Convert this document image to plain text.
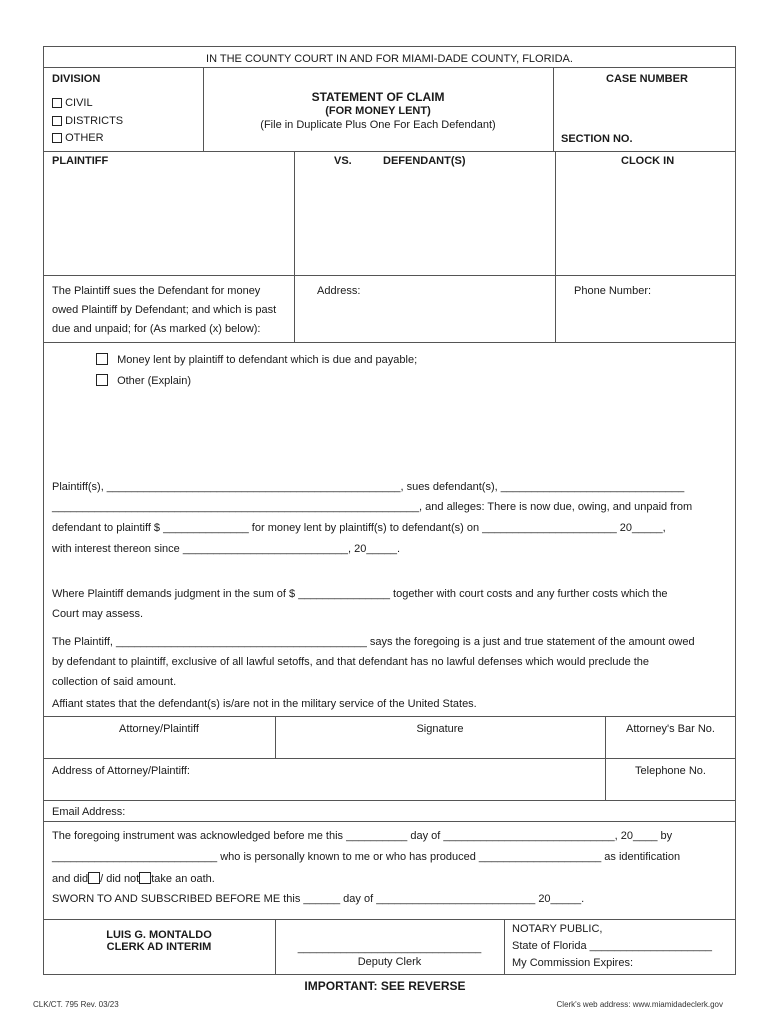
IN THE COUNTY COURT IN AND FOR MIAMI-DADE COUNTY, FLORIDA.
DIVISION
CIVIL
DISTRICTS
OTHER
STATEMENT OF CLAIM
(FOR MONEY LENT)
(File in Duplicate Plus One For Each Defendant)
CASE NUMBER
SECTION NO.
PLAINTIFF	VS.	DEFENDANT(S)	CLOCK IN
The Plaintiff sues the Defendant for money
owed Plaintiff by Defendant; and which is past
due and unpaid; for (As marked (x) below):
Address:	Phone Number:
Money lent by plaintiff to defendant which is due and payable;
Other (Explain)
Plaintiff(s), ________________________________________________, sues defendant(s), ______________________________
____________________________________________________________, and alleges: There is now due, owing, and unpaid from
defendant to plaintiff $ ______________ for money lent by plaintiff(s) to defendant(s) on ______________________ 20_____,
with interest thereon since ___________________________, 20_____.
Where Plaintiff demands judgment in the sum of $ _______________ together with court costs and any further costs which the
Court may assess.
The Plaintiff, _________________________________________ says the foregoing is a just and true statement of the amount owed
by defendant to plaintiff, exclusive of all lawful setoffs, and that defendant has no lawful defenses which would preclude the
collection of said amount.
Affiant states that the defendant(s) is/are not in the military service of the United States.
Attorney/Plaintiff	Signature	Attorney's Bar No.
Address of Attorney/Plaintiff:	Telephone No.
Email Address:
The foregoing instrument was acknowledged before me this __________ day of ____________________________, 20____ by
___________________________ who is personally known to me or who has produced ____________________ as identification
and did / did not take an oath.
SWORN TO AND SUBSCRIBED BEFORE ME this ______ day of __________________________ 20_____.
LUIS G. MONTALDO
CLERK AD INTERIM	______________________________
Deputy Clerk
NOTARY PUBLIC,
State of Florida ____________________
My Commission Expires:
IMPORTANT: SEE REVERSE
CLK/CT. 795 Rev. 03/23	Clerk's web address: www.miamidadeclerk.gov
